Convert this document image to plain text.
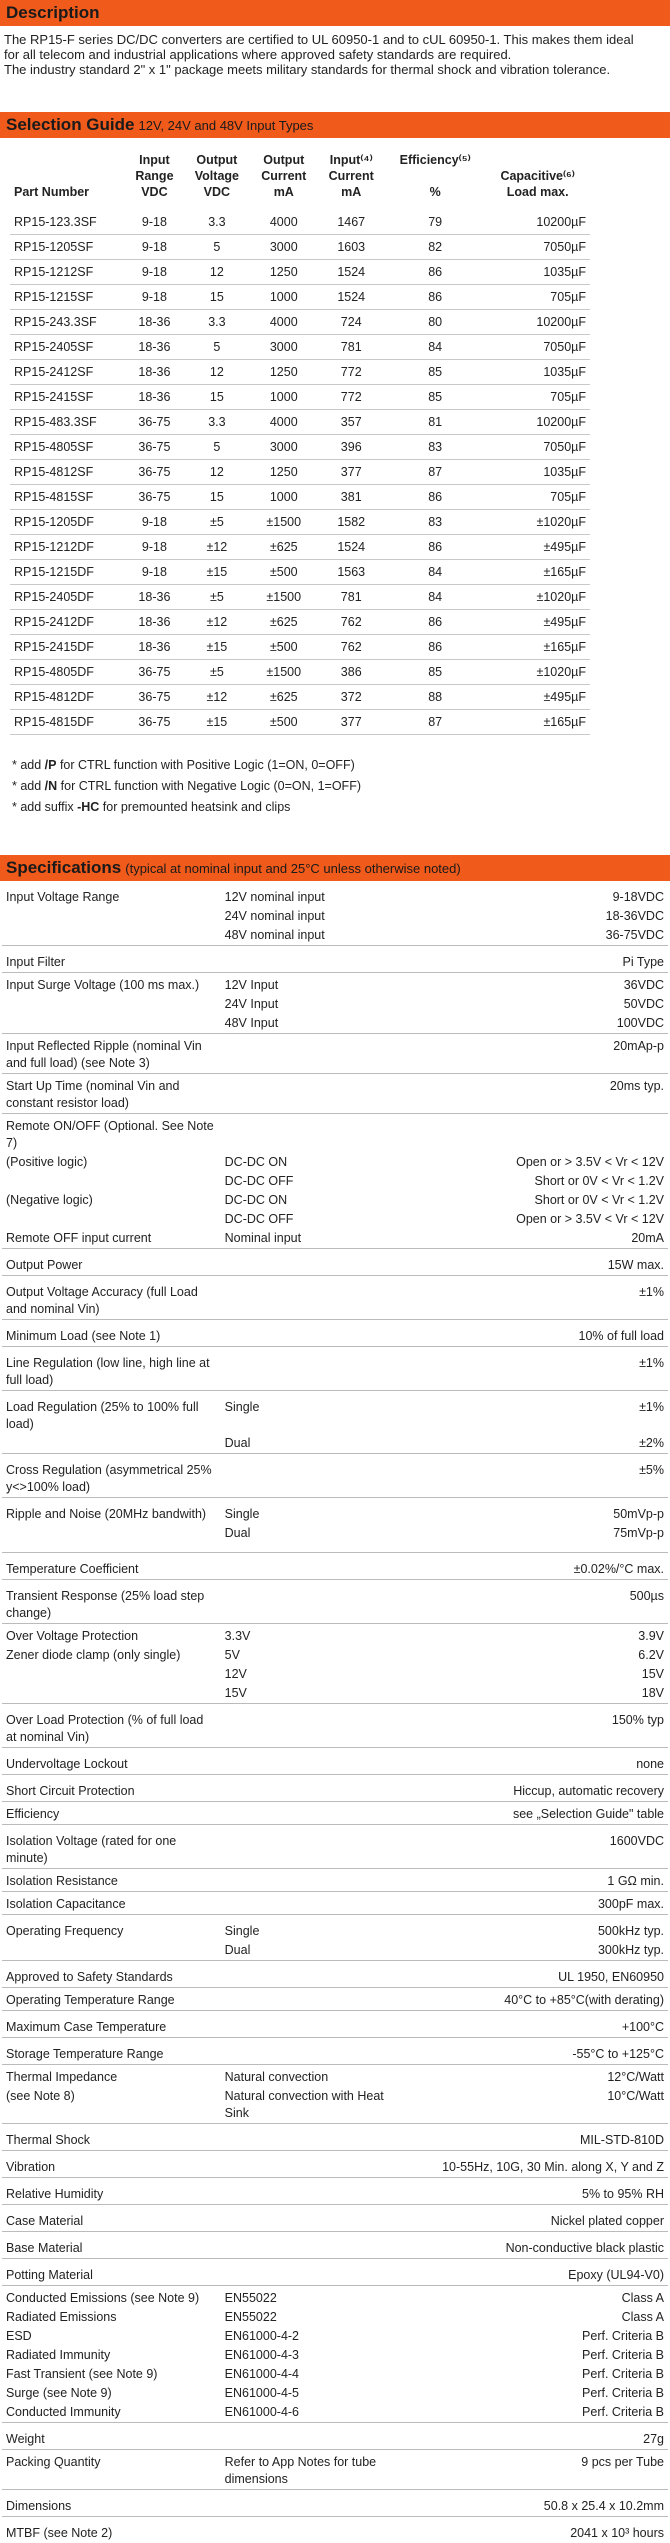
Description

The RP15-F series DC/DC converters are certified to UL 60950-1 and to cUL 60950-1. This makes them ideal

for all telecom and industrial applications where approved safety standards are required.

The industry standard 2" x 1" package meets military standards for thermal shock and vibration tolerance.

Selection Guide 12V, 24V and 48V Input Types
Part Number	Input
Range
VDC	Output
Voltage
VDC	Output
Current
mA	Input⁽⁴⁾
Current
mA	Efficiency⁽⁵⁾

%	Capacitive⁽⁶⁾
Load max.
RP15-123.3SF	9-18	3.3	4000	1467	79	10200µF
RP15-1205SF	9-18	5	3000	1603	82	7050µF
RP15-1212SF	9-18	12	1250	1524	86	1035µF
RP15-1215SF	9-18	15	1000	1524	86	705µF
RP15-243.3SF	18-36	3.3	4000	724	80	10200µF
RP15-2405SF	18-36	5	3000	781	84	7050µF
RP15-2412SF	18-36	12	1250	772	85	1035µF
RP15-2415SF	18-36	15	1000	772	85	705µF
RP15-483.3SF	36-75	3.3	4000	357	81	10200µF
RP15-4805SF	36-75	5	3000	396	83	7050µF
RP15-4812SF	36-75	12	1250	377	87	1035µF
RP15-4815SF	36-75	15	1000	381	86	705µF
RP15-1205DF	9-18	±5	±1500	1582	83	±1020µF
RP15-1212DF	9-18	±12	±625	1524	86	±495µF
RP15-1215DF	9-18	±15	±500	1563	84	±165µF
RP15-2405DF	18-36	±5	±1500	781	84	±1020µF
RP15-2412DF	18-36	±12	±625	762	86	±495µF
RP15-2415DF	18-36	±15	±500	762	86	±165µF
RP15-4805DF	36-75	±5	±1500	386	85	±1020µF
RP15-4812DF	36-75	±12	±625	372	88	±495µF
RP15-4815DF	36-75	±15	±500	377	87	±165µF
* add /P for CTRL function with Positive Logic (1=ON, 0=OFF)
* add /N for CTRL function with Negative Logic (0=ON, 1=OFF)
* add suffix -HC for premounted heatsink and clips
Specifications (typical at nominal input and 25°C unless otherwise noted)
Input Voltage Range	12V nominal input	9-18VDC
	24V nominal input	18-36VDC
	48V nominal input	36-75VDC
Input Filter		Pi Type
Input Surge Voltage (100 ms max.)	12V Input	36VDC
	24V Input	50VDC
	48V Input	100VDC
Input Reflected Ripple (nominal Vin and full load) (see Note 3)		20mAp-p
Start Up Time (nominal Vin and constant resistor load)		20ms typ.
Remote ON/OFF (Optional. See Note 7)		
(Positive logic)	DC-DC ON	Open or > 3.5V < Vr < 12V
	DC-DC OFF	Short or 0V < Vr < 1.2V
(Negative logic)	DC-DC ON	Short or 0V < Vr < 1.2V
	DC-DC OFF	Open or > 3.5V < Vr < 12V
Remote OFF input current	Nominal input	20mA
Output Power		15W max.
Output Voltage Accuracy (full Load and nominal Vin)		±1%
Minimum Load (see Note 1)		10% of full load
Line Regulation (low line, high line at full load)		±1%
Load Regulation (25% to 100% full load)	Single	±1%
	Dual	±2%
Cross Regulation (asymmetrical 25% y<>100% load)		±5%
Ripple and Noise (20MHz bandwith)	Single	50mVp-p
	Dual	75mVp-p
Temperature Coefficient		±0.02%/°C max.
Transient Response (25% load step change)		500µs
Over Voltage Protection	3.3V	3.9V
Zener diode clamp (only single)	5V	6.2V
	12V	15V
	15V	18V
Over Load Protection (% of full load at nominal Vin)		150% typ
Undervoltage Lockout		none
Short Circuit Protection		Hiccup, automatic recovery
Efficiency		see „Selection Guide" table
Isolation Voltage (rated for one minute)		1600VDC
Isolation Resistance		1 GΩ min.
Isolation Capacitance		300pF max.
Operating Frequency	Single	500kHz typ.
	Dual	300kHz typ.
Approved to Safety Standards		UL 1950, EN60950
Operating Temperature Range		40°C to +85°C(with derating)
Maximum Case Temperature		+100°C
Storage Temperature Range		-55°C to +125°C
Thermal Impedance	Natural convection	12°C/Watt
(see Note 8)	Natural convection with Heat Sink	10°C/Watt
Thermal Shock		MIL-STD-810D
Vibration		10-55Hz, 10G, 30 Min. along X, Y and Z
Relative Humidity		5% to 95% RH
Case Material		Nickel plated copper
Base Material		Non-conductive black plastic
Potting Material		Epoxy (UL94-V0)
Conducted Emissions (see Note 9)	EN55022	Class A
Radiated Emissions	EN55022	Class A
ESD	EN61000-4-2	Perf. Criteria B
Radiated Immunity	EN61000-4-3	Perf. Criteria B
Fast Transient (see Note 9)	EN61000-4-4	Perf. Criteria B
Surge (see Note 9)	EN61000-4-5	Perf. Criteria B
Conducted Immunity	EN61000-4-6	Perf. Criteria B
Weight		27g
Packing Quantity	Refer to App Notes for tube dimensions	9 pcs per Tube
Dimensions		50.8 x 25.4 x 10.2mm
MTBF (see Note 2)		2041 x 10³ hours
